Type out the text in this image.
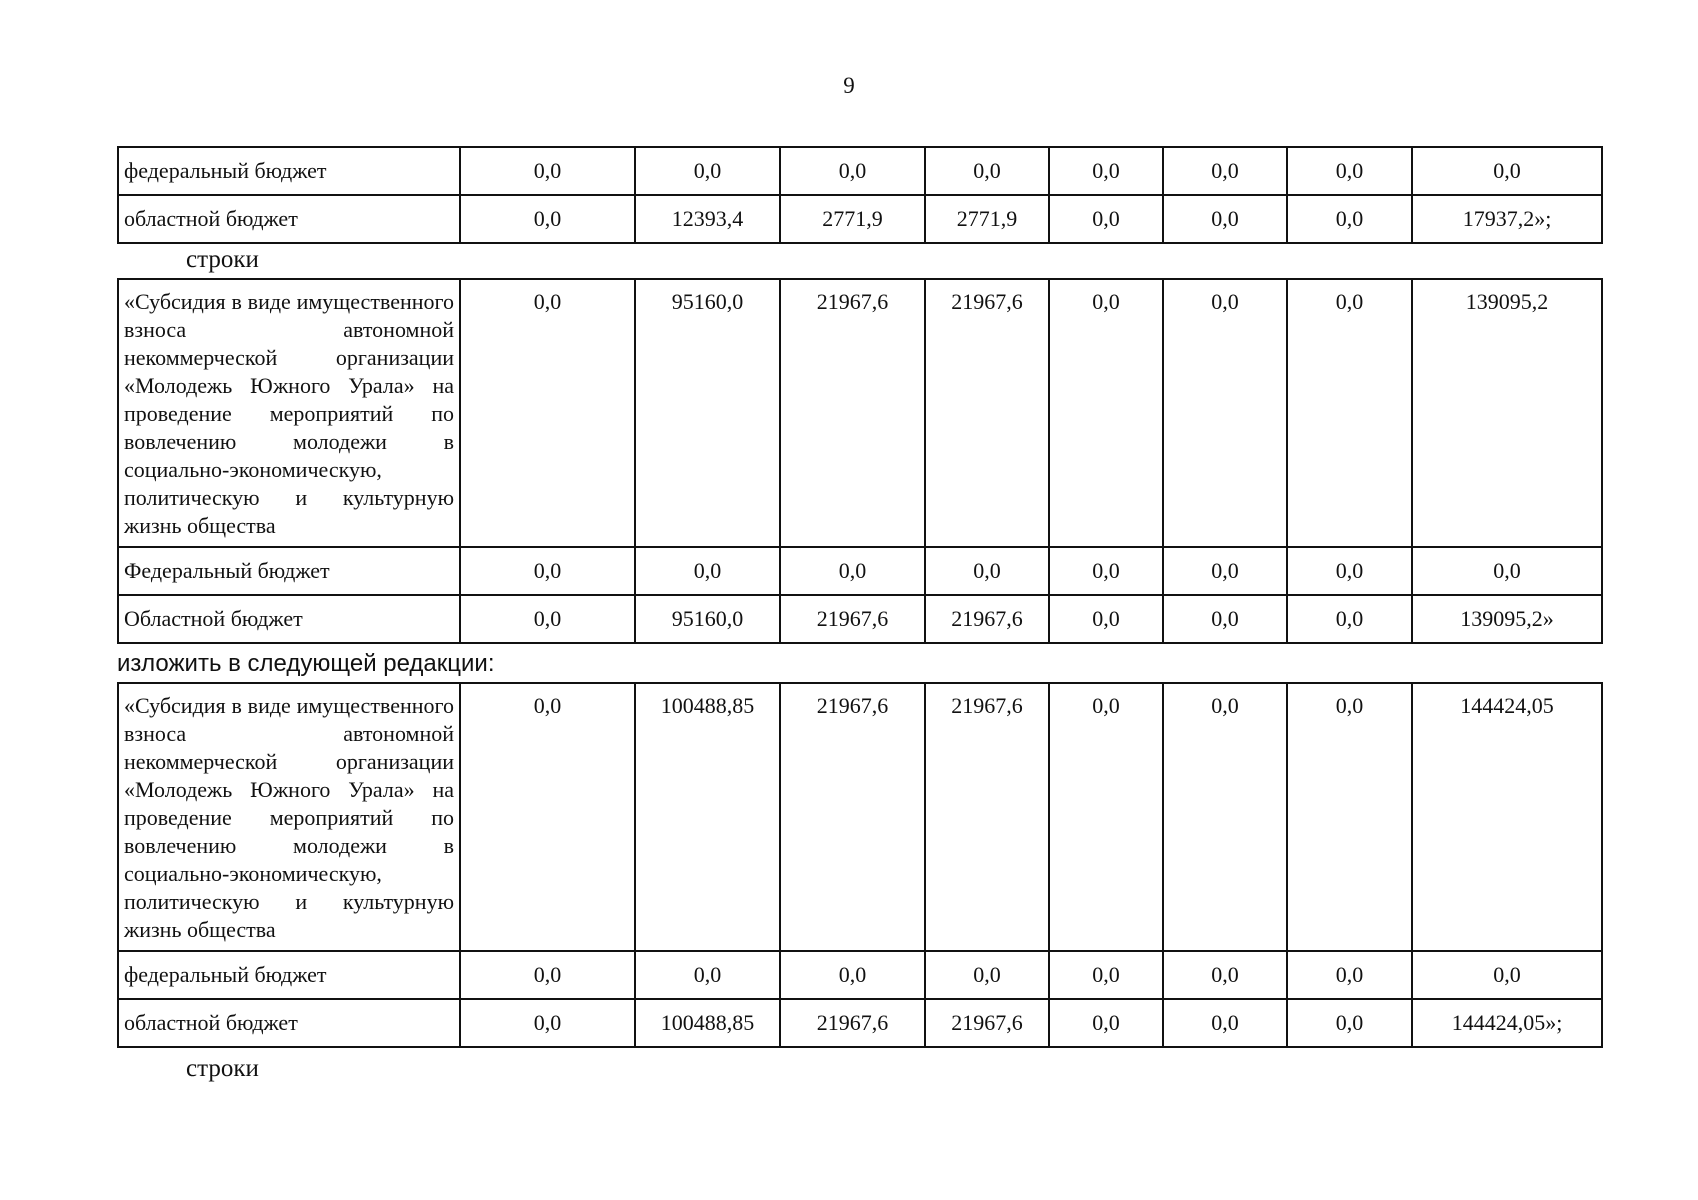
9
федеральный бюджет	0,0	0,0	0,0	0,0	0,0	0,0	0,0	0,0
областной бюджет	0,0	12393,4	2771,9	2771,9	0,0	0,0	0,0	17937,2»;
строки
«Субсидия в виде имущественного взноса автономной некоммерческой организации «Молодежь Южного Урала» на проведение мероприятий по вовлечению молодежи в социально-экономическую, политическую и культурную жизнь общества	0,0	95160,0	21967,6	21967,6	0,0	0,0	0,0	139095,2
Федеральный бюджет	0,0	0,0	0,0	0,0	0,0	0,0	0,0	0,0
Областной бюджет	0,0	95160,0	21967,6	21967,6	0,0	0,0	0,0	139095,2»
изложить в следующей редакции:
«Субсидия в виде имущественного взноса автономной некоммерческой организации «Молодежь Южного Урала» на проведение мероприятий по вовлечению молодежи в социально-экономическую, политическую и культурную жизнь общества	0,0	100488,85	21967,6	21967,6	0,0	0,0	0,0	144424,05
федеральный бюджет	0,0	0,0	0,0	0,0	0,0	0,0	0,0	0,0
областной бюджет	0,0	100488,85	21967,6	21967,6	0,0	0,0	0,0	144424,05»;
строки
